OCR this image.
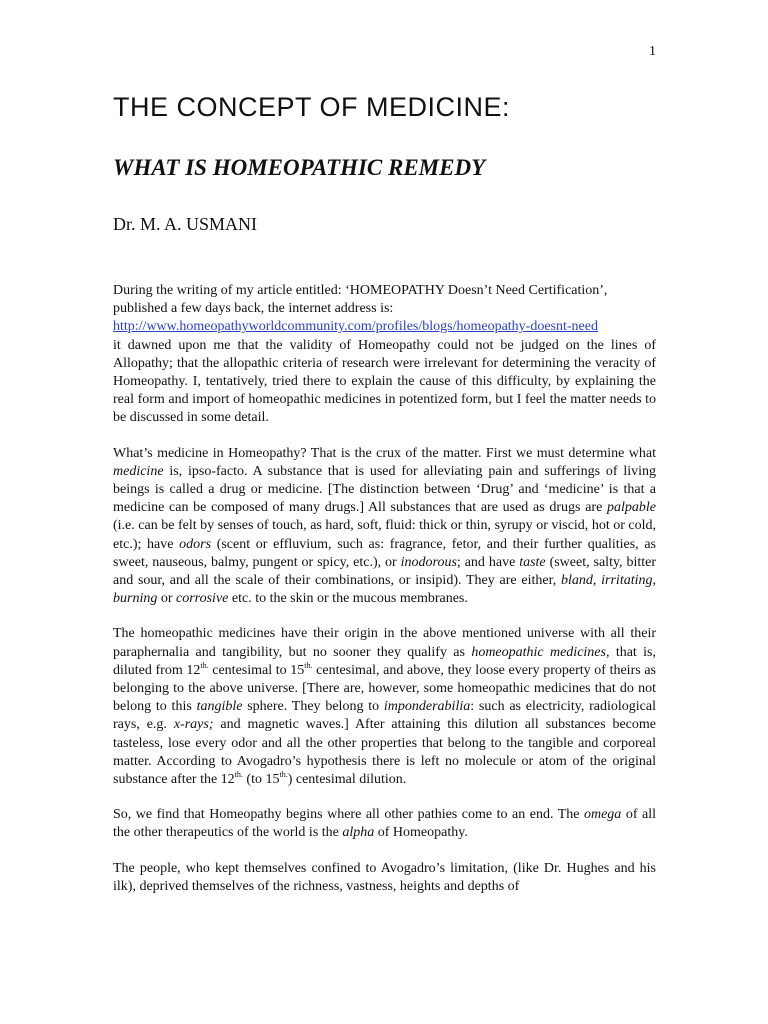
1
THE CONCEPT OF MEDICINE:
WHAT IS HOMEOPATHIC REMEDY
Dr. M. A. USMANI

During the writing of my article entitled: ‘HOMEOPATHY Doesn’t Need Certification’, published a few days back, the internet address is:
http://www.homeopathyworldcommunity.com/profiles/blogs/homeopathy-doesnt-need

it dawned upon me that the validity of Homeopathy could not be judged on the lines of Allopathy; that the allopathic criteria of research were irrelevant for determining the veracity of Homeopathy. I, tentatively, tried there to explain the cause of this difficulty, by explaining the real form and import of homeopathic medicines in potentized form, but I feel the matter needs to be discussed in some detail.

What’s medicine in Homeopathy? That is the crux of the matter. First we must determine what medicine is, ipso-facto. A substance that is used for alleviating pain and sufferings of living beings is called a drug or medicine. [The distinction between ‘Drug’ and ‘medicine’ is that a medicine can be composed of many drugs.] All substances that are used as drugs are palpable (i.e. can be felt by senses of touch, as hard, soft, fluid: thick or thin, syrupy or viscid, hot or cold, etc.); have odors (scent or effluvium, such as: fragrance, fetor, and their further qualities, as sweet, nauseous, balmy, pungent or spicy, etc.), or inodorous; and have taste (sweet, salty, bitter and sour, and all the scale of their combinations, or insipid). They are either, bland, irritating, burning or corrosive etc. to the skin or the mucous membranes.

The homeopathic medicines have their origin in the above mentioned universe with all their paraphernalia and tangibility, but no sooner they qualify as homeopathic medicines, that is, diluted from $12^{th.}$ centesimal to $15^{th.}$ centesimal, and above, they loose every property of theirs as belonging to the above universe. [There are, however, some homeopathic medicines that do not belong to this tangible sphere. They belong to imponderabilia: such as electricity, radiological rays, e.g. x-rays; and magnetic waves.] After attaining this dilution all substances become tasteless, lose every odor and all the other properties that belong to the tangible and corporeal matter. According to Avogadro’s hypothesis there is left no molecule or atom of the original substance after the $12^{th.}$ (to $15^{th.}$) centesimal dilution.

So, we find that Homeopathy begins where all other pathies come to an end. The omega of all the other therapeutics of the world is the alpha of Homeopathy.

The people, who kept themselves confined to Avogadro’s limitation, (like Dr. Hughes and his ilk), deprived themselves of the richness, vastness, heights and depths of
